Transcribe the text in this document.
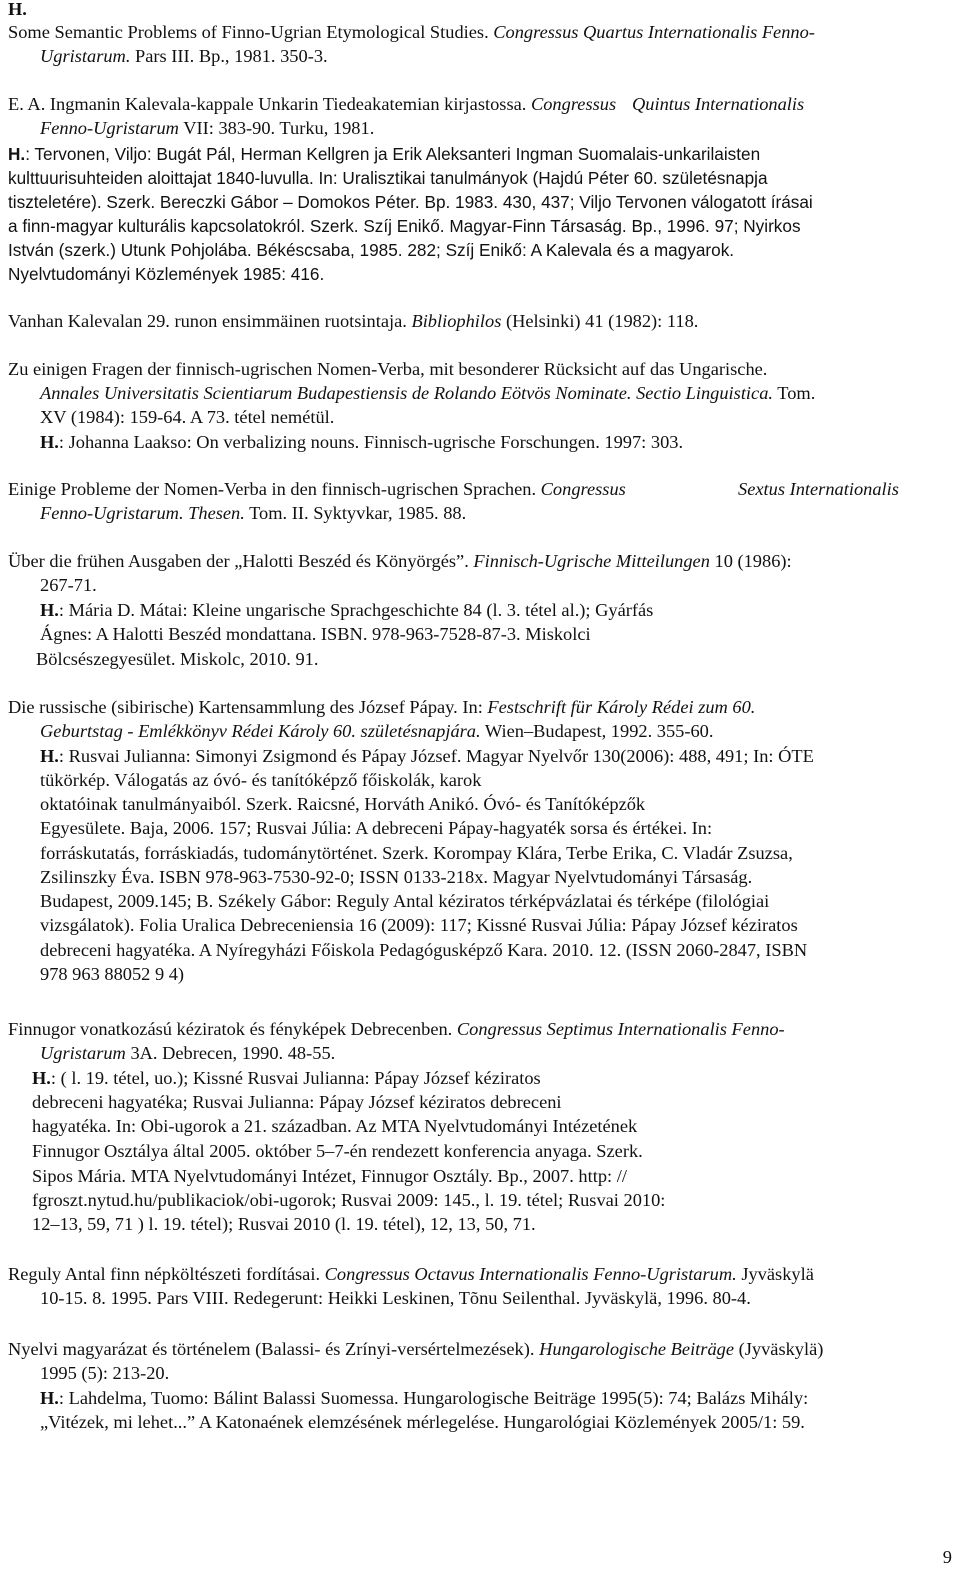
H.
Some Semantic Problems of Finno-Ugrian Etymological Studies. Congressus Quartus Internationalis Fenno-
Ugristarum. Pars III. Bp., 1981. 350-3.
E. A. Ingmanin Kalevala-kappale Unkarin Tiedeakatemian kirjastossa. Congressus Quintus Internationalis
Fenno-Ugristarum VII: 383-90. Turku, 1981.
H.: Tervonen, Viljo: Bugát Pál, Herman Kellgren ja Erik Aleksanteri Ingman Suomalais-unkarilaisten
kulttuurisuhteiden aloittajat 1840-luvulla. In: Uralisztikai tanulmányok (Hajdú Péter 60. születésnapja
tiszteletére). Szerk. Bereczki Gábor – Domokos Péter. Bp. 1983. 430, 437; Viljo Tervonen válogatott írásai
a finn-magyar kulturális kapcsolatokról. Szerk. Szíj Enikő. Magyar-Finn Társaság. Bp., 1996. 97; Nyirkos
István (szerk.) Utunk Pohjolába. Békéscsaba, 1985. 282; Szíj Enikő: A Kalevala és a magyarok.
Nyelvtudományi Közlemények 1985: 416.
Vanhan Kalevalan 29. runon ensimmäinen ruotsintaja. Bibliophilos (Helsinki) 41 (1982): 118.
Zu einigen Fragen der finnisch-ugrischen Nomen-Verba, mit besonderer Rücksicht auf das Ungarische.
Annales Universitatis Scientiarum Budapestiensis de Rolando Eötvös Nominate. Sectio Linguistica. Tom.
XV (1984): 159-64. A 73. tétel nemétül.
H.: Johanna Laakso: On verbalizing nouns. Finnisch-ugrische Forschungen. 1997: 303.
Einige Probleme der Nomen-Verba in den finnisch-ugrischen Sprachen. Congressus	Sextus Internationalis
Fenno-Ugristarum. Thesen. Tom. II. Syktyvkar, 1985. 88.
Über die frühen Ausgaben der „Halotti Beszéd és Könyörgés”. Finnisch-Ugrische Mitteilungen 10 (1986):
267-71.
H.: Mária D. Mátai: Kleine ungarische Sprachgeschichte 84 (l. 3. tétel al.); Gyárfás
Ágnes: A Halotti Beszéd mondattana. ISBN. 978-963-7528-87-3. Miskolci
Bölcsészegyesület. Miskolc, 2010. 91.
Die russische (sibirische) Kartensammlung des József Pápay. In: Festschrift für Károly Rédei zum 60.
Geburtstag - Emlékkönyv Rédei Károly 60. születésnapjára. Wien–Budapest, 1992. 355-60.
H.: Rusvai Julianna: Simonyi Zsigmond és Pápay József. Magyar Nyelvőr 130(2006): 488, 491; In: ÓTE
tükörkép. Válogatás az óvó- és tanítóképző főiskolák, karok
oktatóinak tanulmányaiból. Szerk. Raicsné, Horváth Anikó. Óvó- és Tanítóképzők
Egyesülete. Baja, 2006. 157; Rusvai Júlia: A debreceni Pápay-hagyaték sorsa és értékei. In:
forráskutatás, forráskiadás, tudománytörténet. Szerk. Korompay Klára, Terbe Erika, C. Vladár Zsuzsa,
Zsilinszky Éva. ISBN 978-963-7530-92-0; ISSN 0133-218x. Magyar Nyelvtudományi Társaság.
Budapest, 2009.145; B. Székely Gábor: Reguly Antal kéziratos térképvázlatai és térképe (filológiai
vizsgálatok). Folia Uralica Debreceniensia 16 (2009): 117; Kissné Rusvai Júlia: Pápay József kéziratos
debreceni hagyatéka. A Nyíregyházi Főiskola Pedagógusképző Kara. 2010. 12. (ISSN 2060-2847, ISBN
978 963 88052 9 4)
Finnugor vonatkozású kéziratok és fényképek Debrecenben. Congressus Septimus Internationalis Fenno-
Ugristarum 3A. Debrecen, 1990. 48-55.
H.: ( l. 19. tétel, uo.); Kissné Rusvai Julianna: Pápay József kéziratos
debreceni hagyatéka; Rusvai Julianna: Pápay József kéziratos debreceni
hagyatéka. In: Obi-ugorok a 21. században. Az MTA Nyelvtudományi Intézetének
Finnugor Osztálya által 2005. október 5–7-én rendezett konferencia anyaga. Szerk.
Sipos Mária. MTA Nyelvtudományi Intézet, Finnugor Osztály. Bp., 2007. http: //
fgroszt.nytud.hu/publikaciok/obi-ugorok; Rusvai 2009: 145., l. 19. tétel; Rusvai 2010:
12–13, 59, 71 ) l. 19. tétel); Rusvai 2010 (l. 19. tétel), 12, 13, 50, 71.
Reguly Antal finn népköltészeti fordításai. Congressus Octavus Internationalis Fenno-Ugristarum. Jyväskylä
10-15. 8. 1995. Pars VIII. Redegerunt: Heikki Leskinen, Tõnu Seilenthal. Jyväskylä, 1996. 80-4.
Nyelvi magyarázat és történelem (Balassi- és Zrínyi-versértelmezések). Hungarologische Beiträge (Jyväskylä)
1995 (5): 213-20.
H.: Lahdelma, Tuomo: Bálint Balassi Suomessa. Hungarologische Beiträge 1995(5): 74; Balázs Mihály:
„Vitézek, mi lehet...” A Katonaének elemzésének mérlegelése. Hungarológiai Közlemények 2005/1: 59.
9
